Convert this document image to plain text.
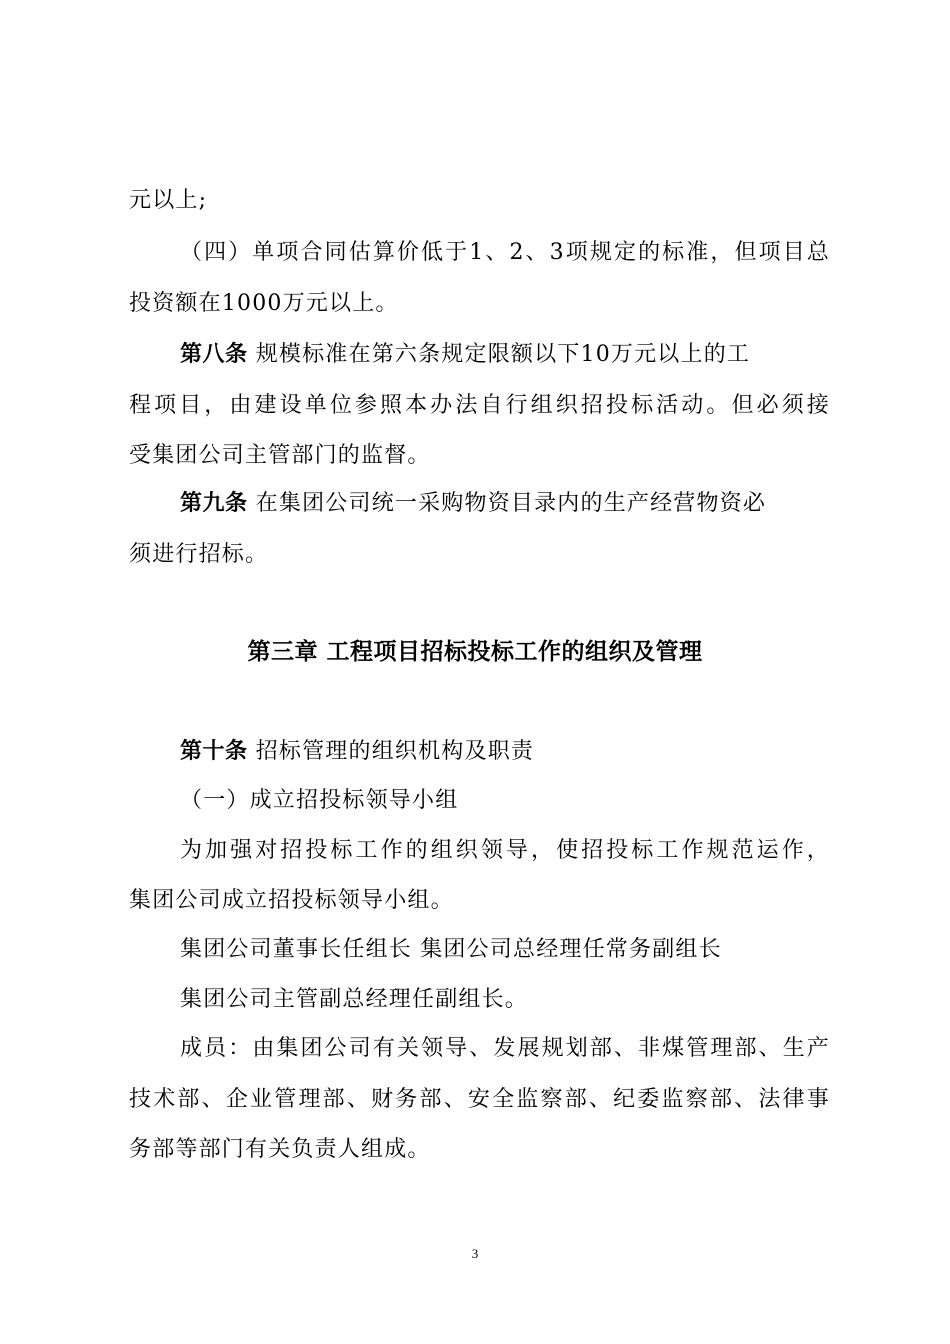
元以上;
（四）单项合同估算价低于1、2、3项规定的标准，但项目总
投资额在1000万元以上。
第八条 规模标准在第六条规定限额以下10万元以上的工
程项目，由建设单位参照本办法自行组织招投标活动。但必须接
受集团公司主管部门的监督。
第九条 在集团公司统一采购物资目录内的生产经营物资必
须进行招标。
第三章 工程项目招标投标工作的组织及管理
第十条 招标管理的组织机构及职责
（一）成立招投标领导小组
为加强对招投标工作的组织领导，使招投标工作规范运作，
集团公司成立招投标领导小组。
集团公司董事长任组长 集团公司总经理任常务副组长
集团公司主管副总经理任副组长。
成员：由集团公司有关领导、发展规划部、非煤管理部、生产
技术部、企业管理部、财务部、安全监察部、纪委监察部、法律事
务部等部门有关负责人组成。
3
